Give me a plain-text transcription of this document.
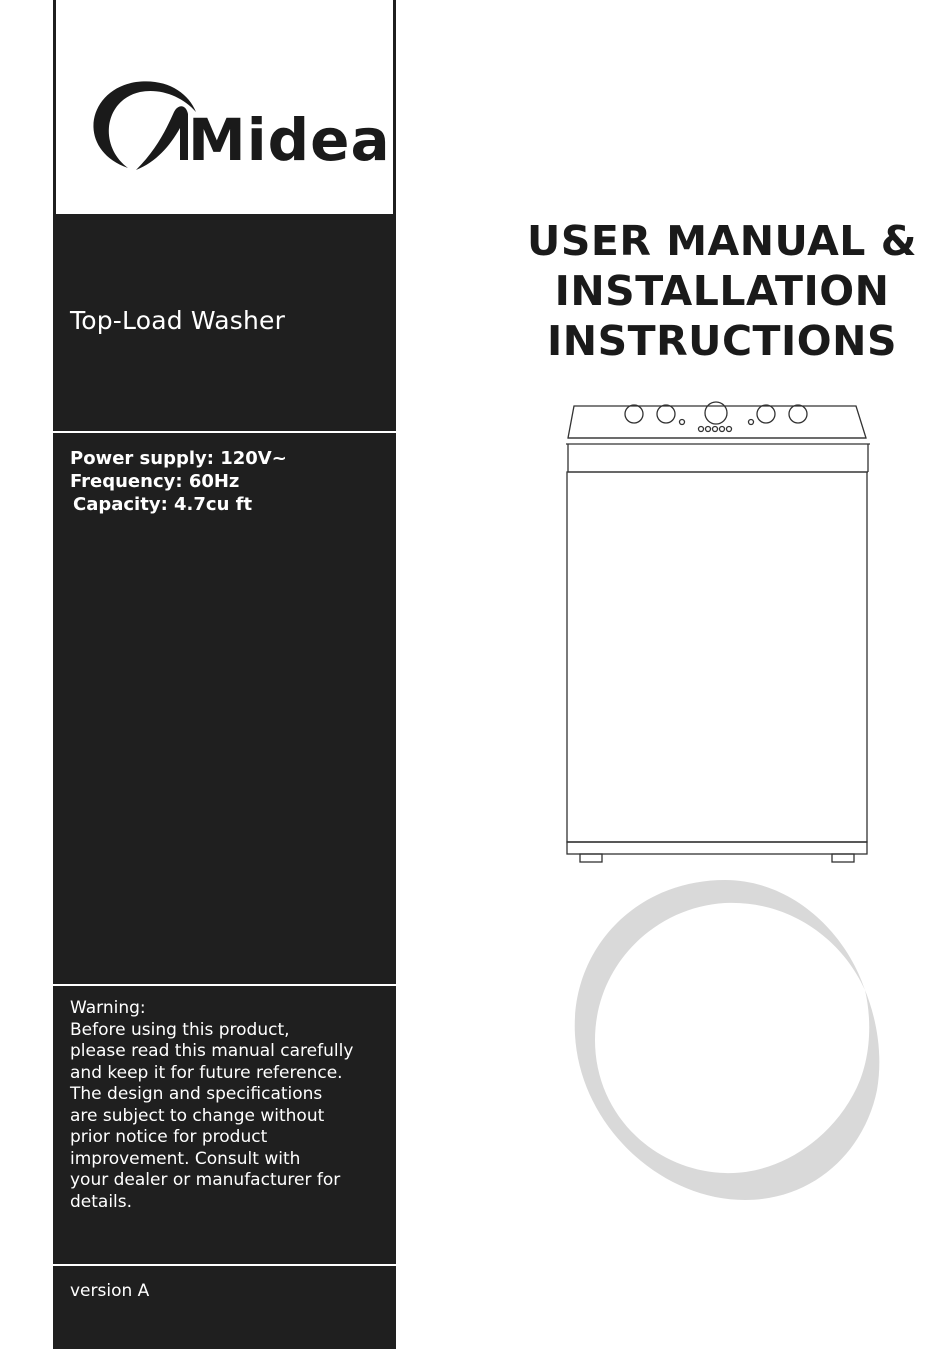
Midea

Top-Load Washer

Power supply: 120V~
Frequency: 60Hz
Capacity: 4.7cu ft
Warning:
Before using this product,
please read this manual carefully
and keep it for future reference.
The design and specifications
are subject to change without
prior notice for product
improvement. Consult with
your dealer or manufacturer for
details.

version A

USER MANUAL &
INSTALLATION
INSTRUCTIONS
